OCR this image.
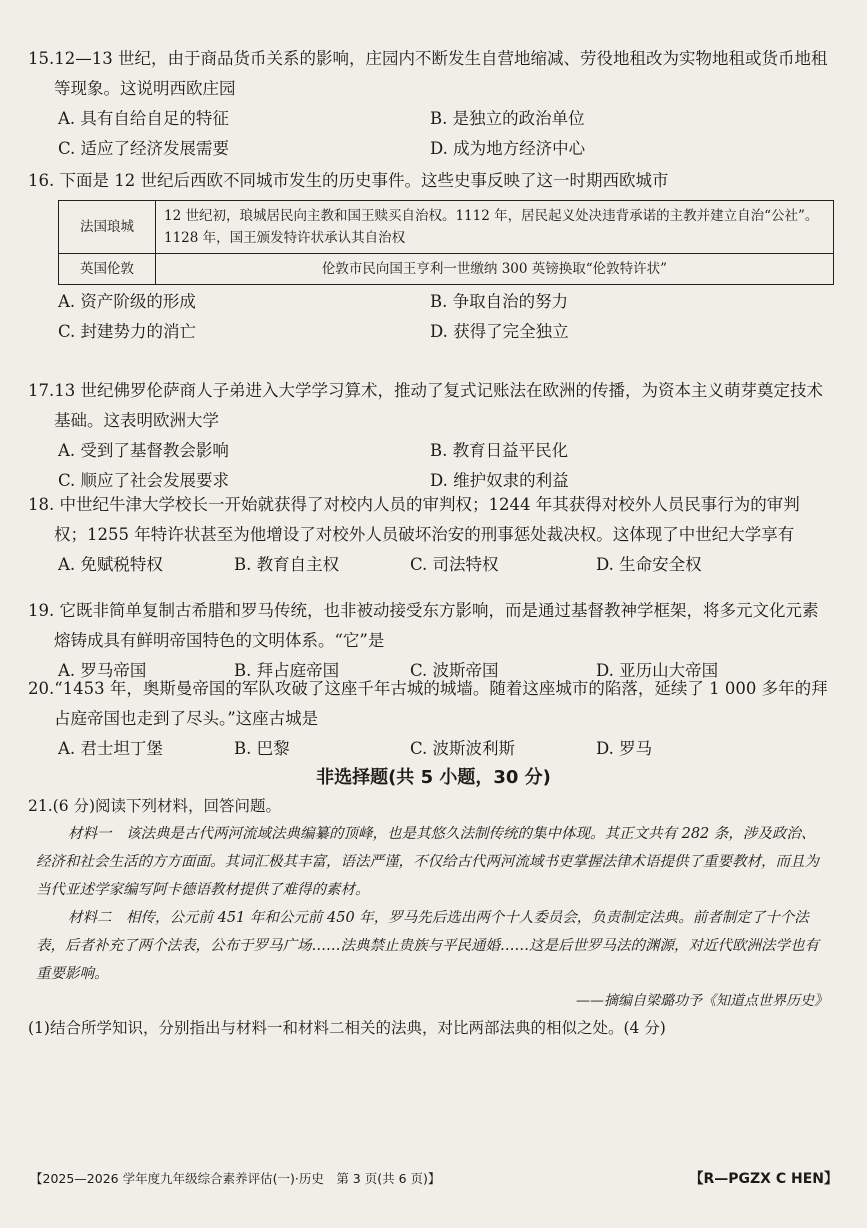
15.12—13 世纪，由于商品货币关系的影响，庄园内不断发生自营地缩减、劳役地租改为实物地租或货币地租等现象。这说明西欧庄园
A. 具有自给自足的特征	B. 是独立的政治单位
C. 适应了经济发展需要	D. 成为地方经济中心
16. 下面是 12 世纪后西欧不同城市发生的历史事件。这些史事反映了这一时期西欧城市
法国琅城	12 世纪初，琅城居民向主教和国王赎买自治权。1112 年，居民起义处决违背承诺的主教并建立自治“公社”。1128 年，国王颁发特许状承认其自治权
英国伦敦	伦敦市民向国王亨利一世缴纳 300 英镑换取“伦敦特许状”
A. 资产阶级的形成	B. 争取自治的努力
C. 封建势力的消亡	D. 获得了完全独立
17.13 世纪佛罗伦萨商人子弟进入大学学习算术，推动了复式记账法在欧洲的传播，为资本主义萌芽奠定技术基础。这表明欧洲大学
A. 受到了基督教会影响	B. 教育日益平民化
C. 顺应了社会发展要求	D. 维护奴隶的利益
18. 中世纪牛津大学校长一开始就获得了对校内人员的审判权；1244 年其获得对校外人员民事行为的审判权；1255 年特许状甚至为他增设了对校外人员破坏治安的刑事惩处裁决权。这体现了中世纪大学享有
A. 免赋税特权	B. 教育自主权	C. 司法特权	D. 生命安全权
19. 它既非简单复制古希腊和罗马传统，也非被动接受东方影响，而是通过基督教神学框架，将多元文化元素熔铸成具有鲜明帝国特色的文明体系。“它”是
A. 罗马帝国	B. 拜占庭帝国	C. 波斯帝国	D. 亚历山大帝国
20.“1453 年，奥斯曼帝国的军队攻破了这座千年古城的城墙。随着这座城市的陷落，延续了 1 000 多年的拜占庭帝国也走到了尽头。”这座古城是
A. 君士坦丁堡	B. 巴黎	C. 波斯波利斯	D. 罗马
非选择题(共 5 小题，30 分)
21.(6 分)阅读下列材料，回答问题。
材料一　该法典是古代两河流域法典编纂的顶峰，也是其悠久法制传统的集中体现。其正文共有 282 条，涉及政治、经济和社会生活的方方面面。其词汇极其丰富，语法严谨，不仅给古代两河流域书吏掌握法律术语提供了重要教材，而且为当代亚述学家编写阿卡德语教材提供了难得的素材。
材料二　相传，公元前 451 年和公元前 450 年，罗马先后选出两个十人委员会，负责制定法典。前者制定了十个法表，后者补充了两个法表，公布于罗马广场……法典禁止贵族与平民通婚……这是后世罗马法的渊源，对近代欧洲法学也有重要影响。
——摘编自梁璐功予《知道点世界历史》
(1)结合所学知识，分别指出与材料一和材料二相关的法典，对比两部法典的相似之处。(4 分)
【2025—2026 学年度九年级综合素养评估(一)·历史　第 3 页(共 6 页)】	【R—PGZX C HEN】
